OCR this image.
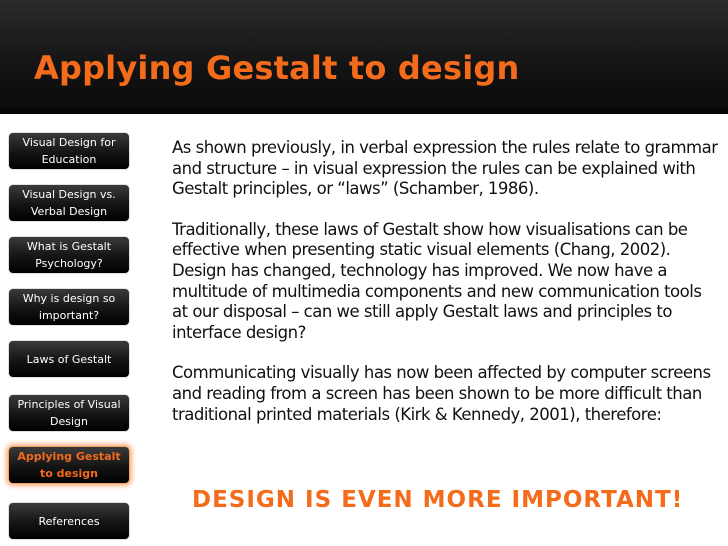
Applying Gestalt to design
Visual Design for Education
Visual Design vs. Verbal Design
What is Gestalt Psychology?
Why is design so important?
Laws of Gestalt
Principles of Visual Design
Applying Gestalt to design
References

As shown previously, in verbal expression the rules relate to grammar and structure – in visual expression the rules can be explained with Gestalt principles, or “laws” (Schamber, 1986).

Traditionally, these laws of Gestalt show how visualisations can be effective when presenting static visual elements (Chang, 2002). Design has changed, technology has improved. We now have a multitude of multimedia components and new communication tools at our disposal – can we still apply Gestalt laws and principles to interface design?

Communicating visually has now been affected by computer screens and reading from a screen has been shown to be more difficult than traditional printed materials (Kirk & Kennedy, 2001), therefore:

DESIGN IS EVEN MORE IMPORTANT!
